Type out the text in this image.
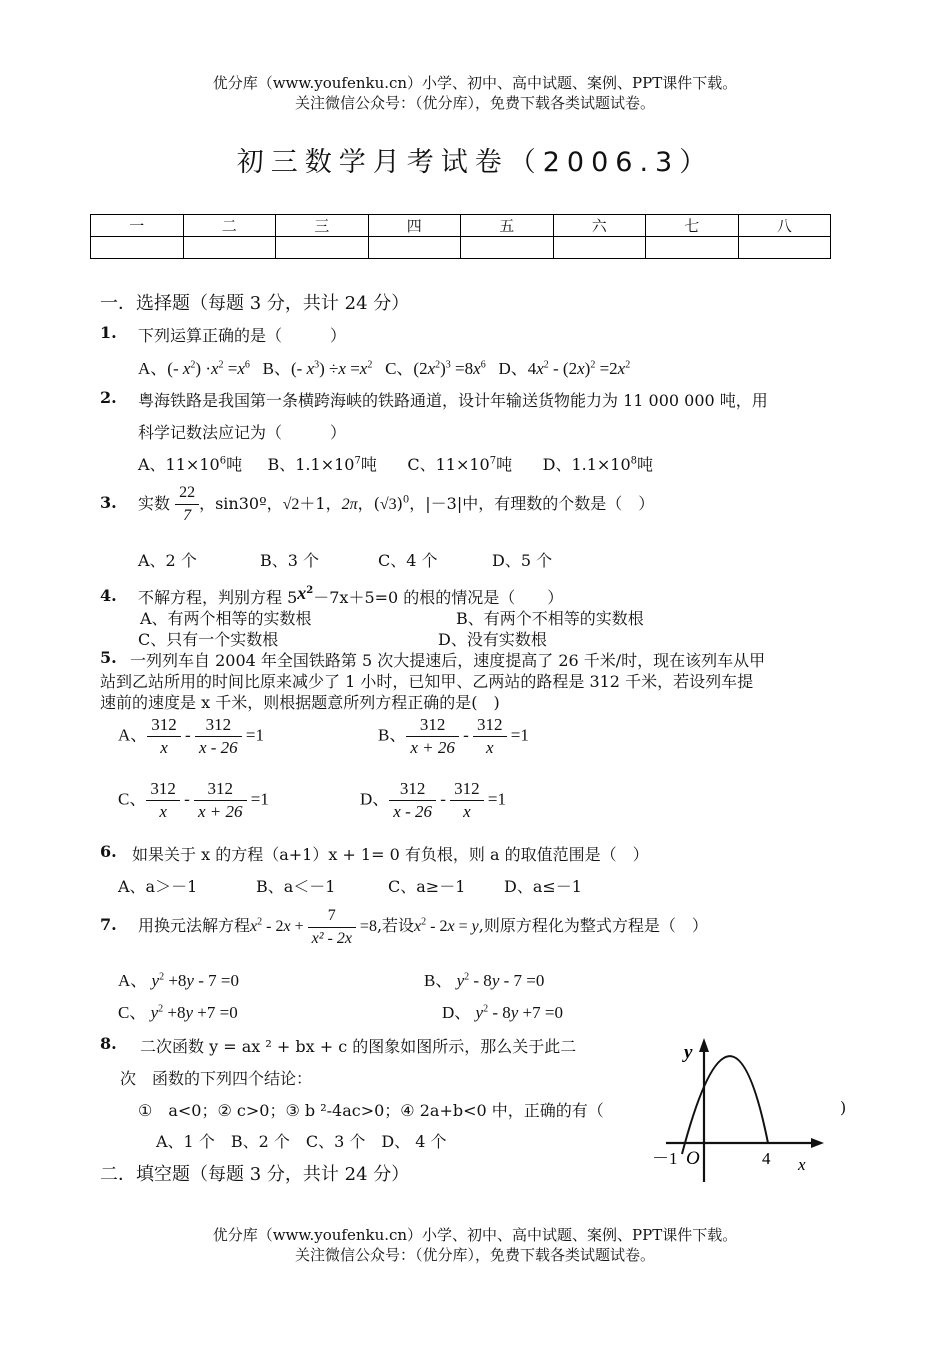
优分库（www.youfenku.cn）小学、初中、高中试题、案例、PPT课件下载。
关注微信公众号：（优分库），免费下载各类试题试卷。
初三数学月考试卷（2006.3）
一	二	三	四	五	六	七	八

一．选择题（每题 3 分，共计 24 分）
1. 下列运算正确的是（　　　）
A、(- $x^2) \cdot x^2 =x^6$   B、(- $x^3) \div x =x^2$   C、$(2x^2)^3 =8x^6$   D、$4x^2 - (2x)^2 =2x^2$
2. 粤海铁路是我国第一条横跨海峡的铁路通道，设计年输送货物能力为 11 000 000 吨，用
科学记数法应记为（　　　）
A、$11\times 10^6$吨     B、$1.1\times 10^7$吨      C、$11\times 10^7$吨      D、$1.1\times 10^8$吨
3. 实数 $\frac{22}{7}$ ，sin30º，√2＋1，2π，$(√3)^0$，|－3|中，有理数的个数是（　）
A、2 个	B、3 个	C、4 个	D、5 个
4. 不解方程，判别方程 $5x^2-7x+5=0$ 的根的情况是（　　）
A、有两个相等的实数根	B、有两个不相等的实数根
C、只有一个实数根	D、没有实数根
5. 一列列车自 2004 年全国铁路第 5 次大提速后，速度提高了 26 千米/时，现在该列车从甲
站到乙站所用的时间比原来减少了 1 小时，已知甲、乙两站的路程是 312 千米，若设列车提
速前的速度是 x 千米，则根据题意所列方程正确的是(　)
A、 $\frac{312}{x} - \frac{312}{x - 26} =1$	B、 $\frac{312}{x + 26} - \frac{312}{x} =1$
C、 $\frac{312}{x} - \frac{312}{x + 26} =1$	D、 $\frac{312}{x - 26} - \frac{312}{x} =1$
6. 如果关于 x 的方程（a+1）x + 1= 0 有负根，则 a 的取值范围是（　）
A、a＞－1	B、a＜－1	C、a≥－1 D、a≤－1
7. 用换元法解方程$x^2 - 2x + \frac{7}{\text{x² - 2x}} =8$,若设$x^2 - 2x = y$,则原方程化为整式方程是（　）
A、 $y^2 +8y - 7 =0$	B、 $y^2 - 8y - 7 =0$
C、 $y^2 +8y +7 =0$	D、 $y^2 - 8y +7 =0$
8. 二次函数 y = ax ² + bx + c 的图象如图所示，那么关于此二
次　函数的下列四个结论：
①　a<0；② c>0；③ b ²-4ac>0；④ 2a+b<0 中，正确的有（	)
A、1 个　B、2 个　C、3 个　D、 4 个
y
x
O
－1	4
二．填空题（每题 3 分，共计 24 分）
优分库（www.youfenku.cn）小学、初中、高中试题、案例、PPT课件下载。
关注微信公众号：（优分库），免费下载各类试题试卷。
